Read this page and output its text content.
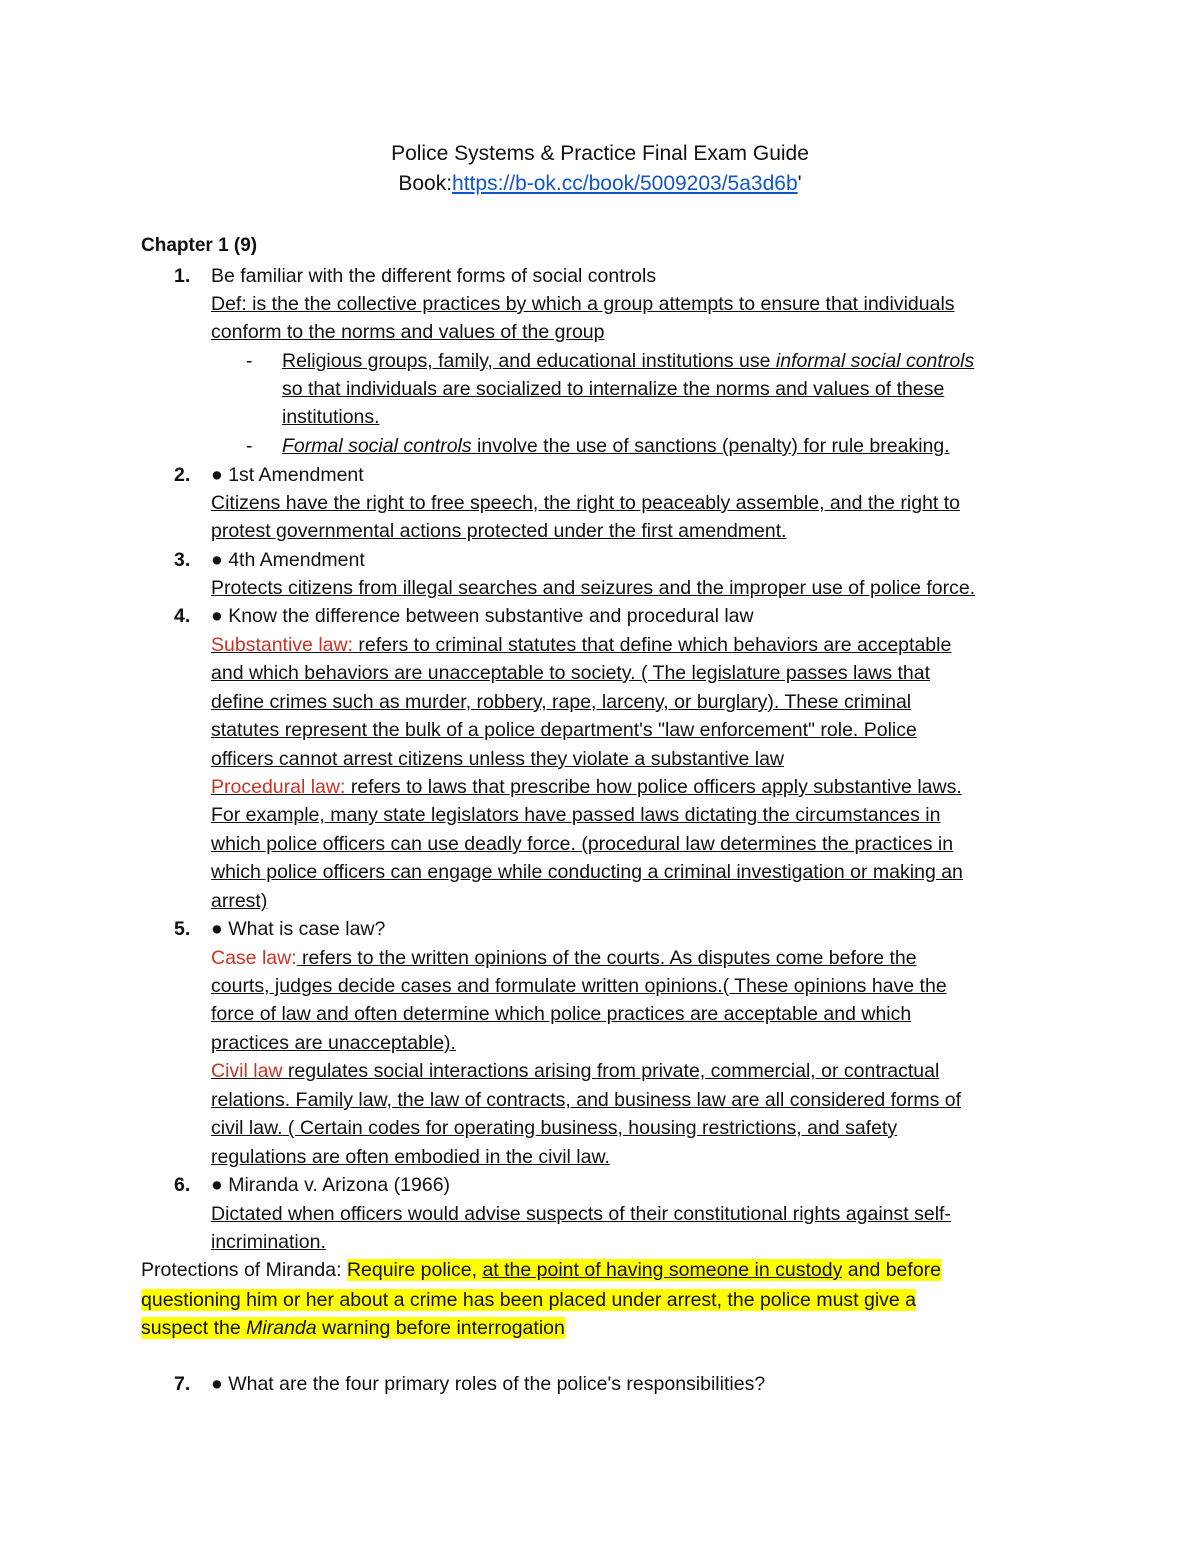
Police Systems & Practice Final Exam Guide
Book:https://b-ok.cc/book/5009203/5a3d6b'
Chapter 1 (9)
1. Be familiar with the different forms of social controls
Def: is the the collective practices by which a group attempts to ensure that individuals
conform to the norms and values of the group
- Religious groups, family, and educational institutions use informal social controls
so that individuals are socialized to internalize the norms and values of these
institutions.
- Formal social controls involve the use of sanctions (penalty) for rule breaking.
2. ● 1st Amendment
Citizens have the right to free speech, the right to peaceably assemble, and the right to
protest governmental actions protected under the first amendment.
3. ● 4th Amendment
Protects citizens from illegal searches and seizures and the improper use of police force.
4. ● Know the difference between substantive and procedural law
Substantive law: refers to criminal statutes that define which behaviors are acceptable
and which behaviors are unacceptable to society. ( The legislature passes laws that
define crimes such as murder, robbery, rape, larceny, or burglary). These criminal
statutes represent the bulk of a police department's "law enforcement" role. Police
officers cannot arrest citizens unless they violate a substantive law
Procedural law: refers to laws that prescribe how police officers apply substantive laws.
For example, many state legislators have passed laws dictating the circumstances in
which police officers can use deadly force. (procedural law determines the practices in
which police officers can engage while conducting a criminal investigation or making an
arrest)
5. ● What is case law?
Case law: refers to the written opinions of the courts. As disputes come before the
courts, judges decide cases and formulate written opinions.( These opinions have the
force of law and often determine which police practices are acceptable and which
practices are unacceptable).
Civil law regulates social interactions arising from private, commercial, or contractual
relations. Family law, the law of contracts, and business law are all considered forms of
civil law. ( Certain codes for operating business, housing restrictions, and safety
regulations are often embodied in the civil law.
6. ● Miranda v. Arizona (1966)
Dictated when officers would advise suspects of their constitutional rights against self-
incrimination.
Protections of Miranda: Require police, at the point of having someone in custody and before
questioning him or her about a crime has been placed under arrest, the police must give a
suspect the Miranda warning before interrogation
7. ● What are the four primary roles of the police's responsibilities?
